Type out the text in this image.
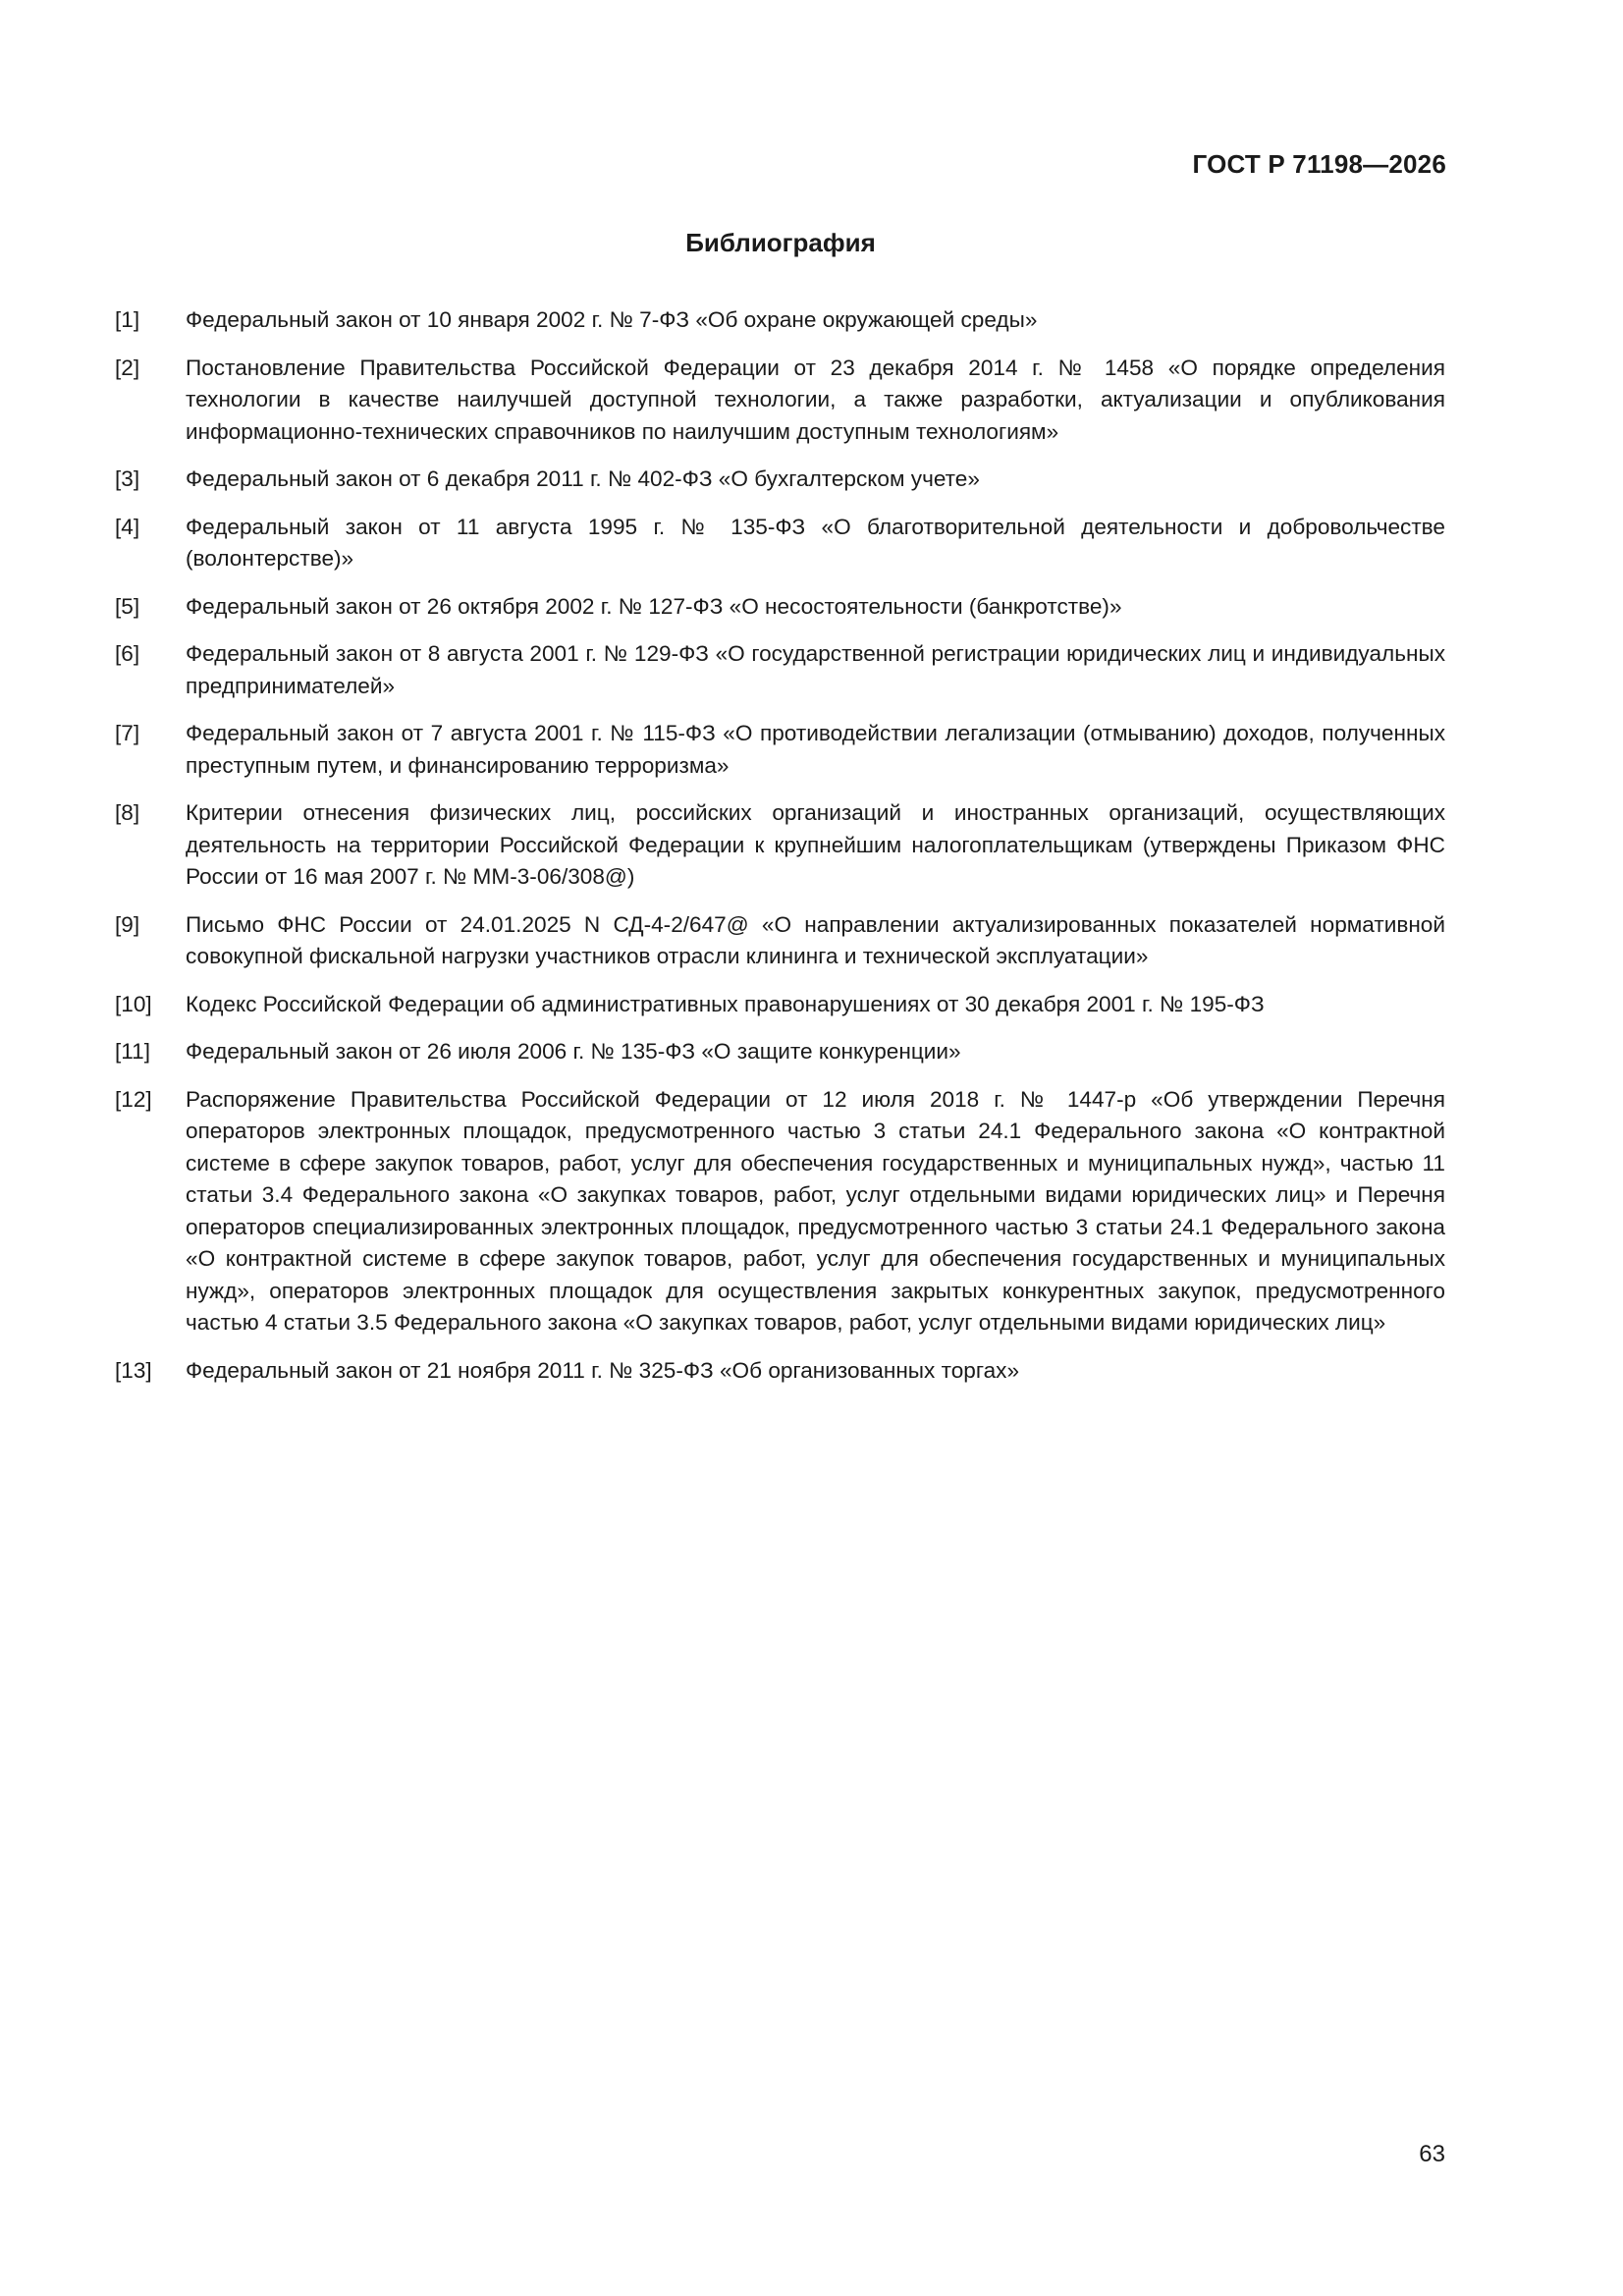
ГОСТ Р 71198—2026
Библиография
[1]	Федеральный закон от 10 января 2002 г. № 7-ФЗ «Об охране окружающей среды»
[2]	Постановление Правительства Российской Федерации от 23 декабря 2014 г. № 1458 «О порядке определения технологии в качестве наилучшей доступной технологии, а также разработки, актуализации и опубликования информационно-технических справочников по наилучшим доступным технологиям»
[3]	Федеральный закон от 6 декабря 2011 г. № 402-ФЗ «О бухгалтерском учете»
[4]	Федеральный закон от 11 августа 1995 г. № 135-ФЗ «О благотворительной деятельности и добровольчестве (волонтерстве)»
[5]	Федеральный закон от 26 октября 2002 г. № 127-ФЗ «О несостоятельности (банкротстве)»
[6]	Федеральный закон от 8 августа 2001 г. № 129-ФЗ «О государственной регистрации юридических лиц и индивидуальных предпринимателей»
[7]	Федеральный закон от 7 августа 2001 г. № 115-ФЗ «О противодействии легализации (отмыванию) доходов, полученных преступным путем, и финансированию терроризма»
[8]	Критерии отнесения физических лиц, российских организаций и иностранных организаций, осуществляющих деятельность на территории Российской Федерации к крупнейшим налогоплательщикам (утверждены Приказом ФНС России от 16 мая 2007 г. № ММ-3-06/308@)
[9]	Письмо ФНС России от 24.01.2025 N СД-4-2/647@ «О направлении актуализированных показателей нормативной совокупной фискальной нагрузки участников отрасли клининга и технической эксплуатации»
[10]	Кодекс Российской Федерации об административных правонарушениях от 30 декабря 2001 г. № 195-ФЗ
[11]	Федеральный закон от 26 июля 2006 г. № 135-ФЗ «О защите конкуренции»
[12]	Распоряжение Правительства Российской Федерации от 12 июля 2018 г. № 1447-р «Об утверждении Перечня операторов электронных площадок, предусмотренного частью 3 статьи 24.1 Федерального закона «О контрактной системе в сфере закупок товаров, работ, услуг для обеспечения государственных и муниципальных нужд», частью 11 статьи 3.4 Федерального закона «О закупках товаров, работ, услуг отдельными видами юридических лиц» и Перечня операторов специализированных электронных площадок, предусмотренного частью 3 статьи 24.1 Федерального закона «О контрактной системе в сфере закупок товаров, работ, услуг для обеспечения государственных и муниципальных нужд», операторов электронных площадок для осуществления закрытых конкурентных закупок, предусмотренного частью 4 статьи 3.5 Федерального закона «О закупках товаров, работ, услуг отдельными видами юридических лиц»
[13]	Федеральный закон от 21 ноября 2011 г. № 325-ФЗ «Об организованных торгах»
63
